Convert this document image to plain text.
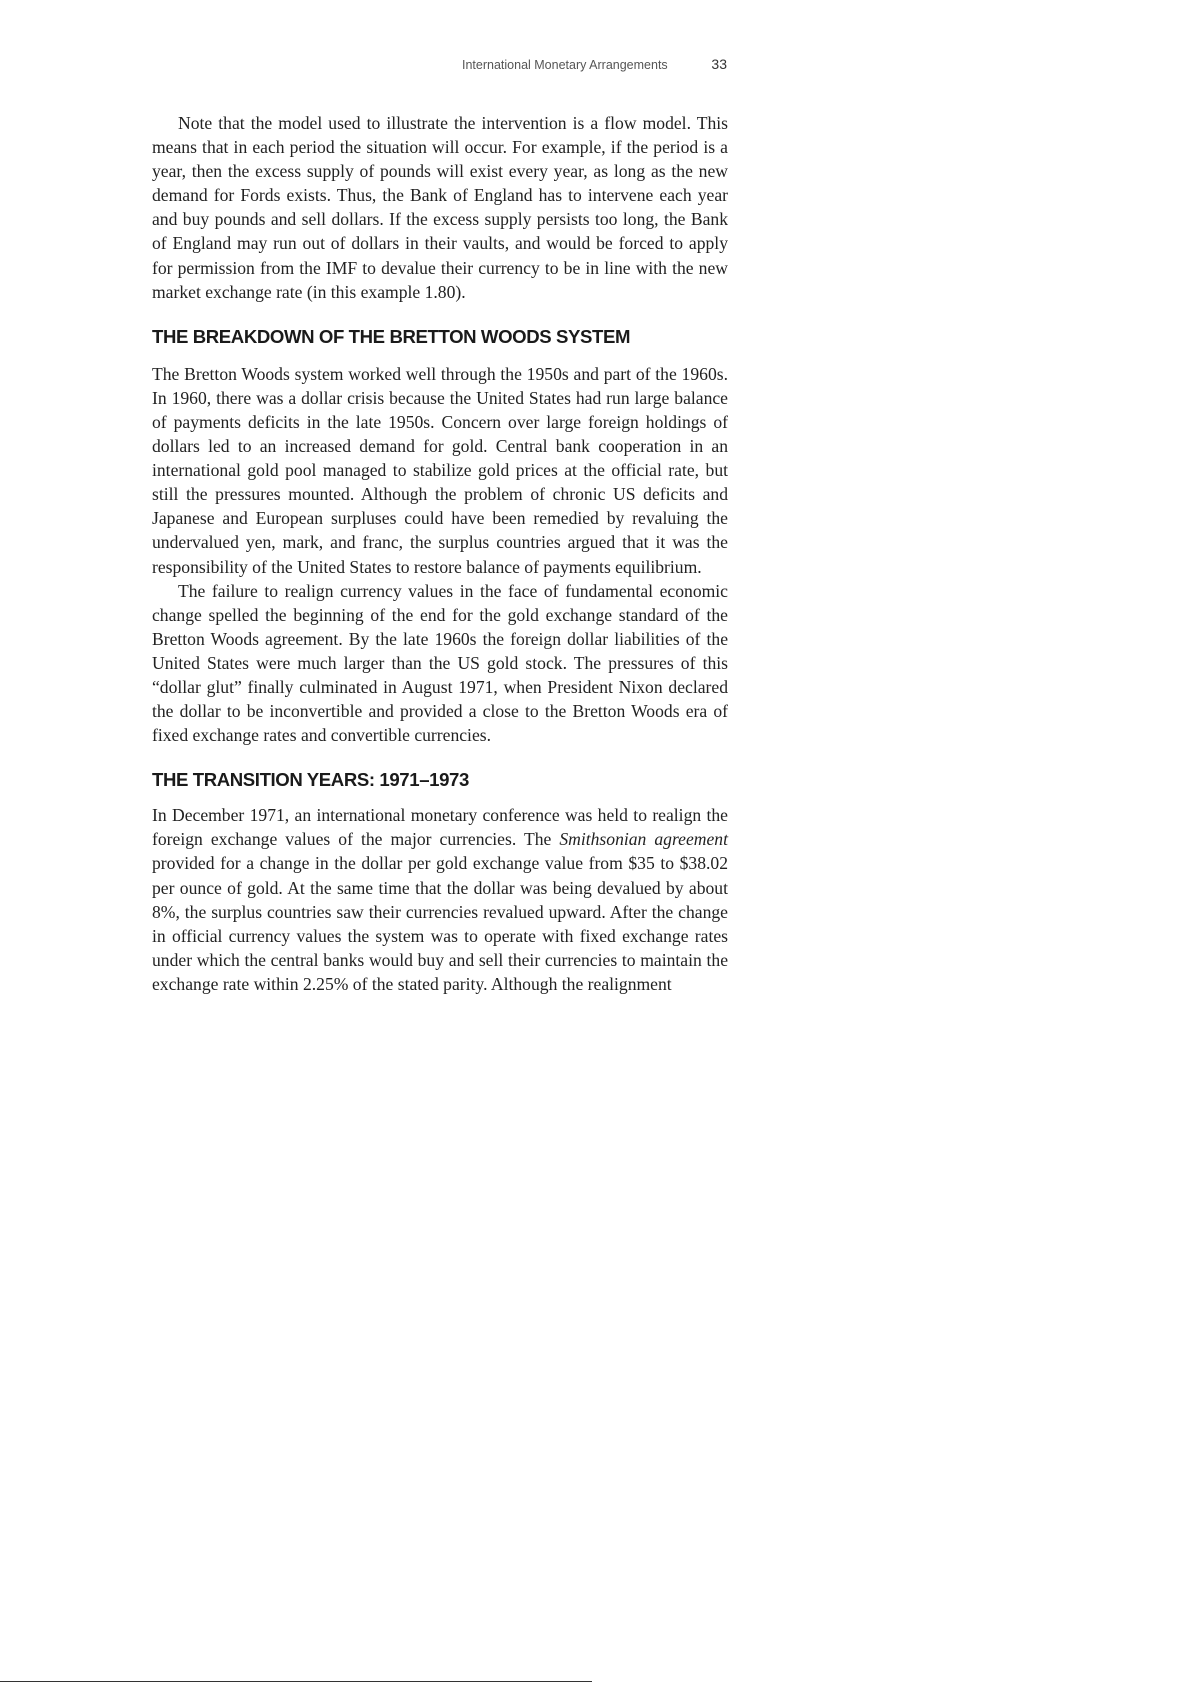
International Monetary Arrangements	33

Note that the model used to illustrate the intervention is a flow model. This means that in each period the situation will occur. For example, if the period is a year, then the excess supply of pounds will exist every year, as long as the new demand for Fords exists. Thus, the Bank of England has to intervene each year and buy pounds and sell dollars. If the excess supply persists too long, the Bank of England may run out of dollars in their vaults, and would be forced to apply for permission from the IMF to devalue their currency to be in line with the new market exchange rate (in this example 1.80).

THE BREAKDOWN OF THE BRETTON WOODS SYSTEM

The Bretton Woods system worked well through the 1950s and part of the 1960s. In 1960, there was a dollar crisis because the United States had run large balance of payments deficits in the late 1950s. Concern over large foreign holdings of dollars led to an increased demand for gold. Central bank cooperation in an international gold pool managed to stabilize gold prices at the official rate, but still the pressures mounted. Although the problem of chronic US deficits and Japanese and European surpluses could have been remedied by revaluing the undervalued yen, mark, and franc, the surplus countries argued that it was the responsibility of the United States to restore balance of payments equilibrium.

The failure to realign currency values in the face of fundamental economic change spelled the beginning of the end for the gold exchange standard of the Bretton Woods agreement. By the late 1960s the foreign dollar liabilities of the United States were much larger than the US gold stock. The pressures of this “dollar glut” finally culminated in August 1971, when President Nixon declared the dollar to be inconvertible and provided a close to the Bretton Woods era of fixed exchange rates and convertible currencies.

THE TRANSITION YEARS: 1971–1973

In December 1971, an international monetary conference was held to realign the foreign exchange values of the major currencies. The Smithsonian agreement provided for a change in the dollar per gold exchange value from $35 to $38.02 per ounce of gold. At the same time that the dollar was being devalued by about 8%, the surplus countries saw their currencies revalued upward. After the change in official currency values the system was to operate with fixed exchange rates under which the central banks would buy and sell their currencies to maintain the exchange rate within 2.25% of the stated parity. Although the realignment

...
